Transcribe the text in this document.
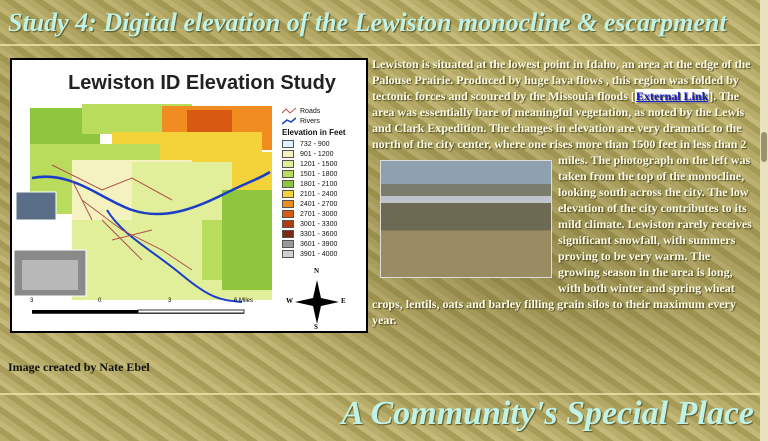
Study 4: Digital elevation of the Lewiston monocline & escarpment
Lewiston ID Elevation Study
3	0	3	6 Miles
N
S
W	E
Roads
Rivers
Elevation in Feet
732 - 900
901 - 1200
1201 - 1500
1501 - 1800
1801 - 2100
2101 - 2400
2401 - 2700
2701 - 3000
3001 - 3300
3301 - 3600
3601 - 3900
3901 - 4000
Image created by Nate Ebel

Lewiston is situated at the lowest point in Idaho, an area at the edge of the Palouse Prairie. Produced by huge lava flows , this region was folded by tectonic forces and scoured by the Missoula floods [External Link]. The area was essentially bare of meaningful vegetation, as noted by the Lewis and Clark Expedition. The changes in elevation are very dramatic to the north of the city center, where one rises more than 1500 feet in
less than 2 miles. The photograph on the left was taken from the top of the monocline, looking south across the city. The low elevation of the city contributes to its mild climate. Lewiston rarely receives significant snowfall, with summers proving to be very warm. The growing season in the area is long, with both winter and spring wheat crops, lentils, oats and barley filling grain silos to their maximum every year.

A Community's Special Place
